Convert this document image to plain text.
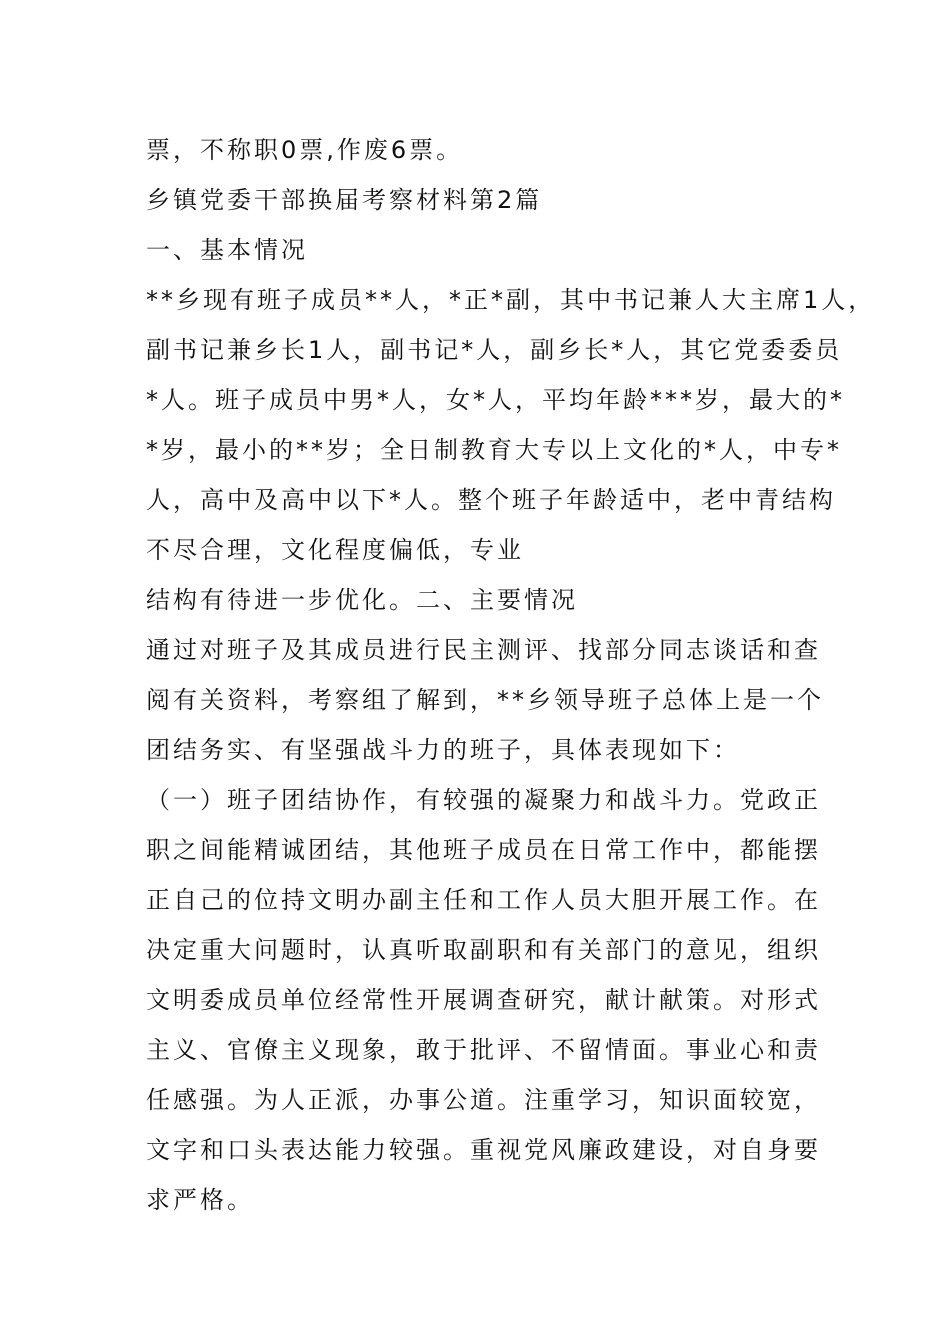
票，不称职0票,作废6票。
乡镇党委干部换届考察材料第2篇
一、基本情况
**乡现有班子成员**人，*正*副，其中书记兼人大主席1人，
副书记兼乡长1人，副书记*人，副乡长*人，其它党委委员
*人。班子成员中男*人，女*人，平均年龄***岁，最大的*
*岁，最小的**岁；全日制教育大专以上文化的*人，中专*
人，高中及高中以下*人。整个班子年龄适中，老中青结构
不尽合理，文化程度偏低，专业
结构有待进一步优化。二、主要情况
通过对班子及其成员进行民主测评、找部分同志谈话和查
阅有关资料，考察组了解到，**乡领导班子总体上是一个
团结务实、有坚强战斗力的班子，具体表现如下：
（一）班子团结协作，有较强的凝聚力和战斗力。党政正
职之间能精诚团结，其他班子成员在日常工作中，都能摆
正自己的位持文明办副主任和工作人员大胆开展工作。在
决定重大问题时，认真听取副职和有关部门的意见，组织
文明委成员单位经常性开展调查研究，献计献策。对形式
主义、官僚主义现象，敢于批评、不留情面。事业心和责
任感强。为人正派，办事公道。注重学习，知识面较宽，
文字和口头表达能力较强。重视党风廉政建设，对自身要
求严格。
